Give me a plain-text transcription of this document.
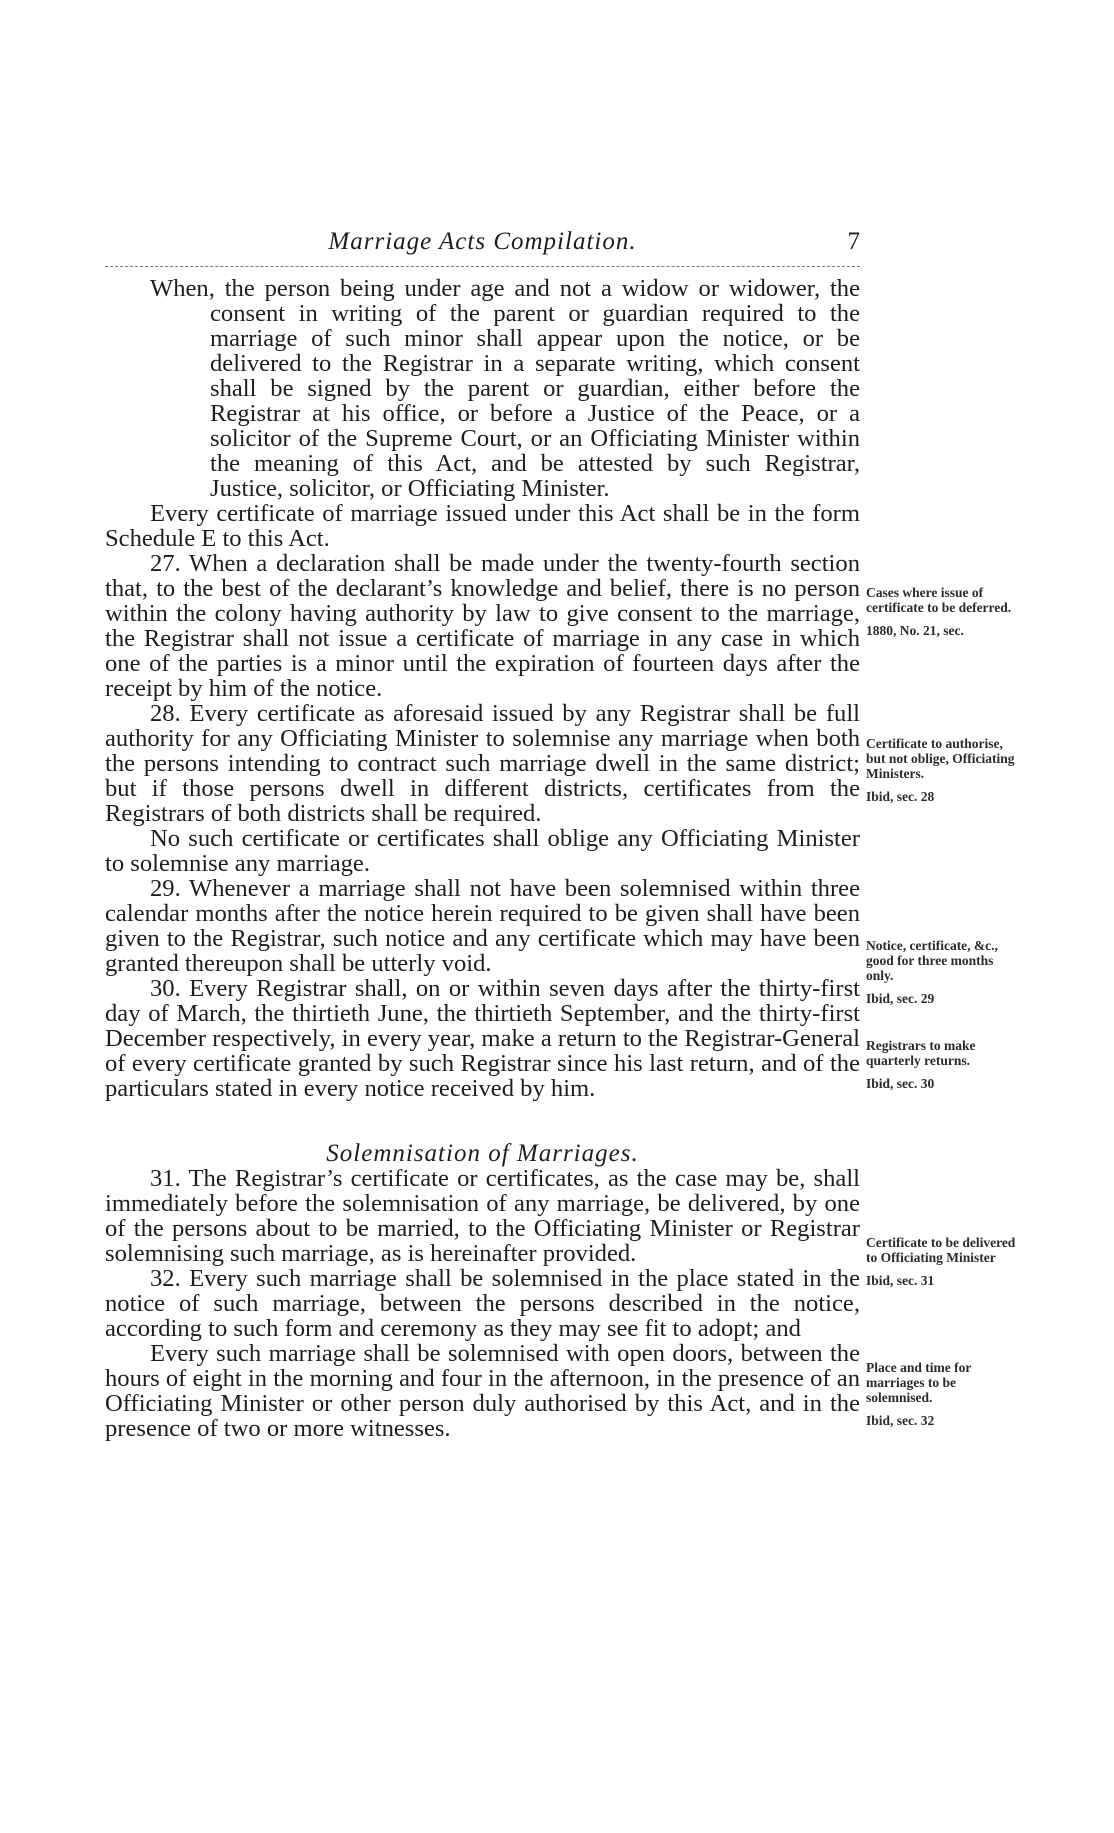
Marriage Acts Compilation.	7

When, the person being under age and not a widow or widower, the consent in writing of the parent or guardian required to the marriage of such minor shall appear upon the notice, or be delivered to the Registrar in a separate writing, which consent shall be signed by the parent or guardian, either before the Registrar at his office, or before a Justice of the Peace, or a solicitor of the Supreme Court, or an Officiating Minister within the meaning of this Act, and be attested by such Registrar, Justice, solicitor, or Officiating Minister.

Every certificate of marriage issued under this Act shall be in the form Schedule E to this Act.

27. When a declaration shall be made under the twenty-fourth section that, to the best of the declarant’s knowledge and belief, there is no person within the colony having authority by law to give consent to the marriage, the Registrar shall not issue a certificate of marriage in any case in which one of the parties is a minor until the expiration of fourteen days after the receipt by him of the notice.

28. Every certificate as aforesaid issued by any Registrar shall be full authority for any Officiating Minister to solemnise any marriage when both the persons intending to contract such marriage dwell in the same district; but if those persons dwell in different districts, certificates from the Registrars of both districts shall be required.

No such certificate or certificates shall oblige any Officiating Minister to solemnise any marriage.

29. Whenever a marriage shall not have been solemnised within three calendar months after the notice herein required to be given shall have been given to the Registrar, such notice and any certificate which may have been granted thereupon shall be utterly void.

30. Every Registrar shall, on or within seven days after the thirty-first day of March, the thirtieth June, the thirtieth September, and the thirty-first December respectively, in every year, make a return to the Registrar-General of every certificate granted by such Registrar since his last return, and of the particulars stated in every notice received by him.

Solemnisation of Marriages.

31. The Registrar’s certificate or certificates, as the case may be, shall immediately before the solemnisation of any marriage, be delivered, by one of the persons about to be married, to the Officiating Minister or Registrar solemnising such marriage, as is hereinafter provided.

32. Every such marriage shall be solemnised in the place stated in the notice of such marriage, between the persons described in the notice, according to such form and ceremony as they may see fit to adopt; and

Every such marriage shall be solemnised with open doors, between the hours of eight in the morning and four in the afternoon, in the presence of an Officiating Minister or other person duly authorised by this Act, and in the presence of two or more witnesses.

Cases where issue of certificate to be deferred.
1880, No. 21, sec.
Certificate to authorise, but not oblige, Officiating Ministers.
Ibid, sec. 28
Notice, certificate, &c., good for three months only.
Ibid, sec. 29
Registrars to make quarterly returns.
Ibid, sec. 30
Certificate to be delivered to Officiating Minister
Ibid, sec. 31
Place and time for marriages to be solemnised.
Ibid, sec. 32
